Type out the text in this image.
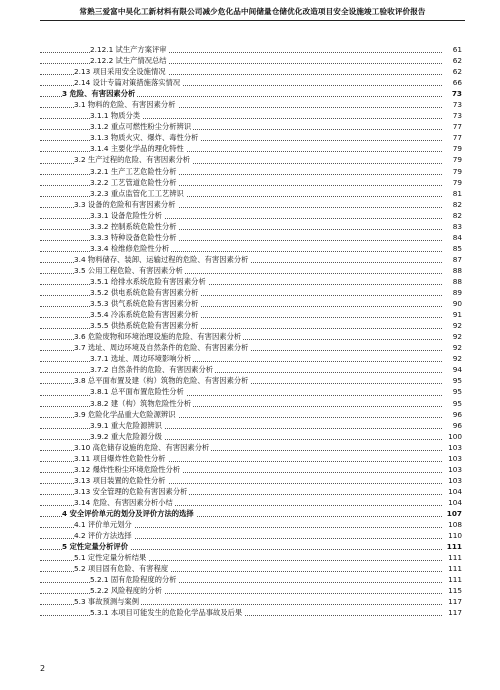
常熟三爱富中昊化工新材料有限公司减少危化品中间储量仓储优化改造项目安全设施竣工验收评价报告
2.12.1 试生产方案评审	61
2.12.2 试生产情况总结	62
2.13 项目采用安全设施情况	62
2.14 设计专篇对策措施落实情况	66
3 危险、有害因素分析	73
3.1 物料的危险、有害因素分析	73
3.1.1 物质分类	73
3.1.2 重点可燃性粉尘分析辨识	77
3.1.3 物质火灾、爆炸、毒性分析	77
3.1.4 主要化学品的理化特性	79
3.2 生产过程的危险、有害因素分析	79
3.2.1 生产工艺危险性分析	79
3.2.2 工艺管道危险性分析	79
3.2.3 重点监管化工工艺辨识	81
3.3 设备的危险和有害因素分析	82
3.3.1 设备危险性分析	82
3.3.2 控制系统危险性分析	83
3.3.3 特种设备危险性分析	84
3.3.4 检维修危险性分析	85
3.4 物料储存、装卸、运输过程的危险、有害因素分析	87
3.5 公用工程危险、有害因素分析	88
3.5.1 给排水系统危险有害因素分析	88
3.5.2 供电系统危险有害因素分析	89
3.5.3 供气系统危险有害因素分析	90
3.5.4 冷冻系统危险有害因素分析	91
3.5.5 供热系统危险有害因素分析	92
3.6 危险废物和环境治理设施的危险、有害因素分析	92
3.7 选址、周边环境及自然条件的危险、有害因素分析	92
3.7.1 选址、周边环境影响分析	92
3.7.2 自然条件的危险、有害因素分析	94
3.8 总平面布置及建（构）筑物的危险、有害因素分析	95
3.8.1 总平面布置危险性分析	95
3.8.2 建（构）筑物危险性分析	95
3.9 危险化学品重大危险源辨识	96
3.9.1 重大危险源辨识	96
3.9.2 重大危险源分级	100
3.10 高危储存设施的危险、有害因素分析	103
3.11 项目爆炸性危险性分析	103
3.12 爆炸性粉尘环境危险性分析	103
3.13 项目装置的危险性分析	103
3.13 安全管理的危险有害因素分析	104
3.14 危险、有害因素分析小结	104
4 安全评价单元的划分及评价方法的选择	107
4.1 评价单元划分	108
4.2 评价方法选择	110
5 定性定量分析评价	111
5.1 定性定量分析结果	111
5.2 项目固有危险、有害程度	111
5.2.1 固有危险程度的分析	111
5.2.2 风险程度的分析	115
5.3 事故预测与案例	117
5.3.1 本项目可能发生的危险化学品事故及后果	117
2
